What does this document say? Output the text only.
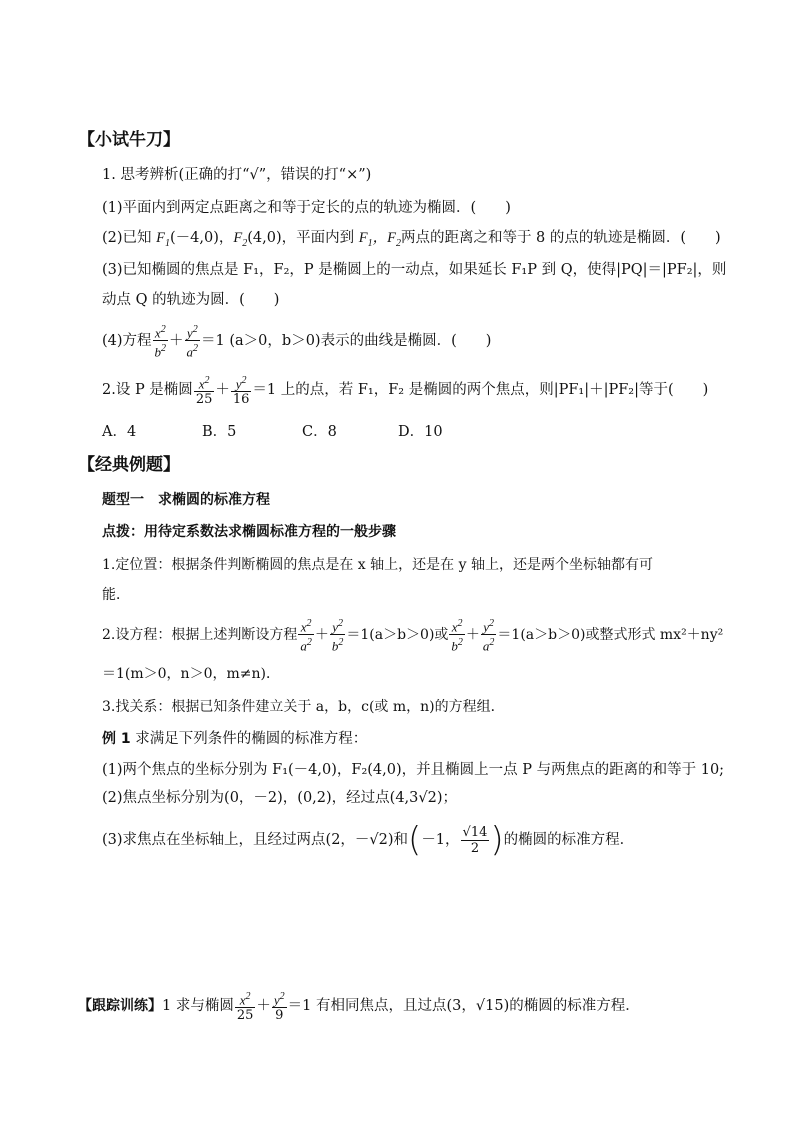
【小试牛刀】
1. 思考辨析(正确的打“√”，错误的打“×”)
(1)平面内到两定点距离之和等于定长的点的轨迹为椭圆．(　　)
(2)已知 $F_1(-4,0)$，$F_2(4,0)$，平面内到 $F_1$，$F_2$两点的距离之和等于 8 的点的轨迹是椭圆．(　　)
(3)已知椭圆的焦点是 F₁，F₂，P 是椭圆上的一动点，如果延长 F₁P 到 Q，使得|PQ|＝|PF₂|，则
动点 Q 的轨迹为圆．(　　)
(4)方程 $\frac{x^2}{b^2} + \frac{y^2}{a^2} =1$ (a＞0，b＞0)表示的曲线是椭圆．(　　)
2.设 P 是椭圆 $\frac{x^2}{25} + \frac{y^2}{16} =1$ 上的点，若 F₁，F₂ 是椭圆的两个焦点，则|PF₁|＋|PF₂|等于(　　)
A．4	B．5	C．8	D．10
【经典例题】
题型一　求椭圆的标准方程
点拨：用待定系数法求椭圆标准方程的一般步骤
1.定位置：根据条件判断椭圆的焦点是在 x 轴上，还是在 y 轴上，还是两个坐标轴都有可
能．
2.设方程：根据上述判断设方程 $\frac{x^2}{a^2} + \frac{y^2}{b^2} =1(a>b>0)$或 $\frac{x^2}{b^2} + \frac{y^2}{a^2} =1(a>b>0)$或整式形式 mx²＋ny²
＝1(m＞0，n＞0，m≠n)．
3.找关系：根据已知条件建立关于 a，b，c(或 m，n)的方程组．
例 1 求满足下列条件的椭圆的标准方程：
(1)两个焦点的坐标分别为 F₁(－4,0)，F₂(4,0)，并且椭圆上一点 P 与两焦点的距离的和等于 10;
(2)焦点坐标分别为(0，－2)，(0,2)，经过点(4,3√2)；
(3)求焦点在坐标轴上，且经过两点(2，－√2)和(－1， $\frac{√14}{2}$ )的椭圆的标准方程．
【跟踪训练】1 求与椭圆 $\frac{x^2}{25} + \frac{y^2}{9} =1$ 有相同焦点，且过点(3，√15)的椭圆的标准方程．
